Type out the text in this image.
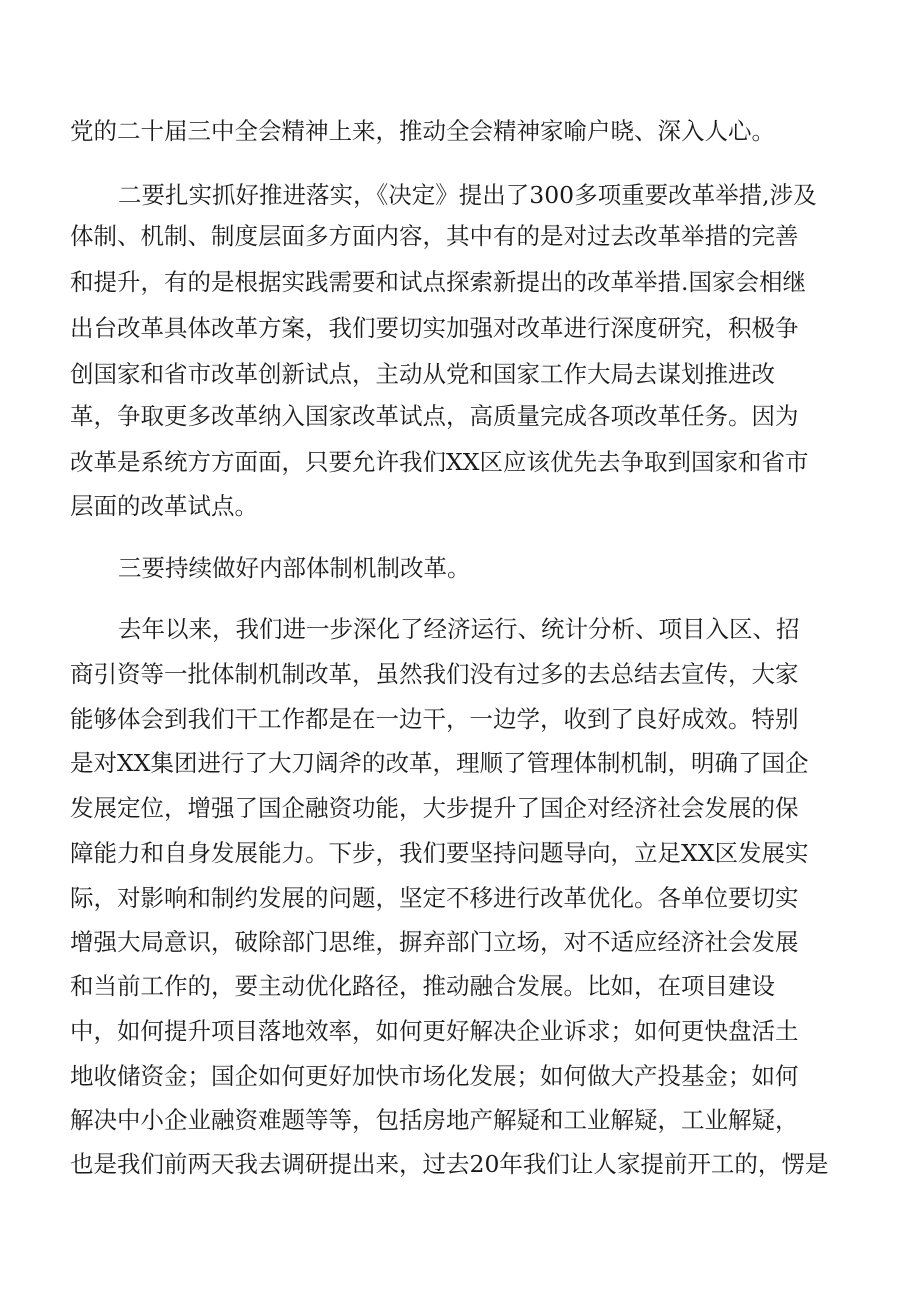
党的二十届三中全会精神上来，推动全会精神家喻户晓、深入人心。
二要扎实抓好推进落实，《决定》提出了300多项重要改革举措,涉及
体制、机制、制度层面多方面内容，其中有的是对过去改革举措的完善
和提升，有的是根据实践需要和试点探索新提出的改革举措.国家会相继
出台改革具体改革方案，我们要切实加强对改革进行深度研究，积极争
创国家和省市改革创新试点，主动从党和国家工作大局去谋划推进改
革，争取更多改革纳入国家改革试点，高质量完成各项改革任务。因为
改革是系统方方面面，只要允许我们XX区应该优先去争取到国家和省市
层面的改革试点。
三要持续做好内部体制机制改革。
去年以来，我们进一步深化了经济运行、统计分析、项目入区、招
商引资等一批体制机制改革，虽然我们没有过多的去总结去宣传，大家
能够体会到我们干工作都是在一边干，一边学，收到了良好成效。特别
是对XX集团进行了大刀阔斧的改革，理顺了管理体制机制，明确了国企
发展定位，增强了国企融资功能，大步提升了国企对经济社会发展的保
障能力和自身发展能力。下步，我们要坚持问题导向，立足XX区发展实
际，对影响和制约发展的问题，坚定不移进行改革优化。各单位要切实
增强大局意识，破除部门思维，摒弃部门立场，对不适应经济社会发展
和当前工作的，要主动优化路径，推动融合发展。比如，在项目建设
中，如何提升项目落地效率，如何更好解决企业诉求；如何更快盘活土
地收储资金；国企如何更好加快市场化发展；如何做大产投基金；如何
解决中小企业融资难题等等，包括房地产解疑和工业解疑，工业解疑，
也是我们前两天我去调研提出来，过去20年我们让人家提前开工的，愣是
